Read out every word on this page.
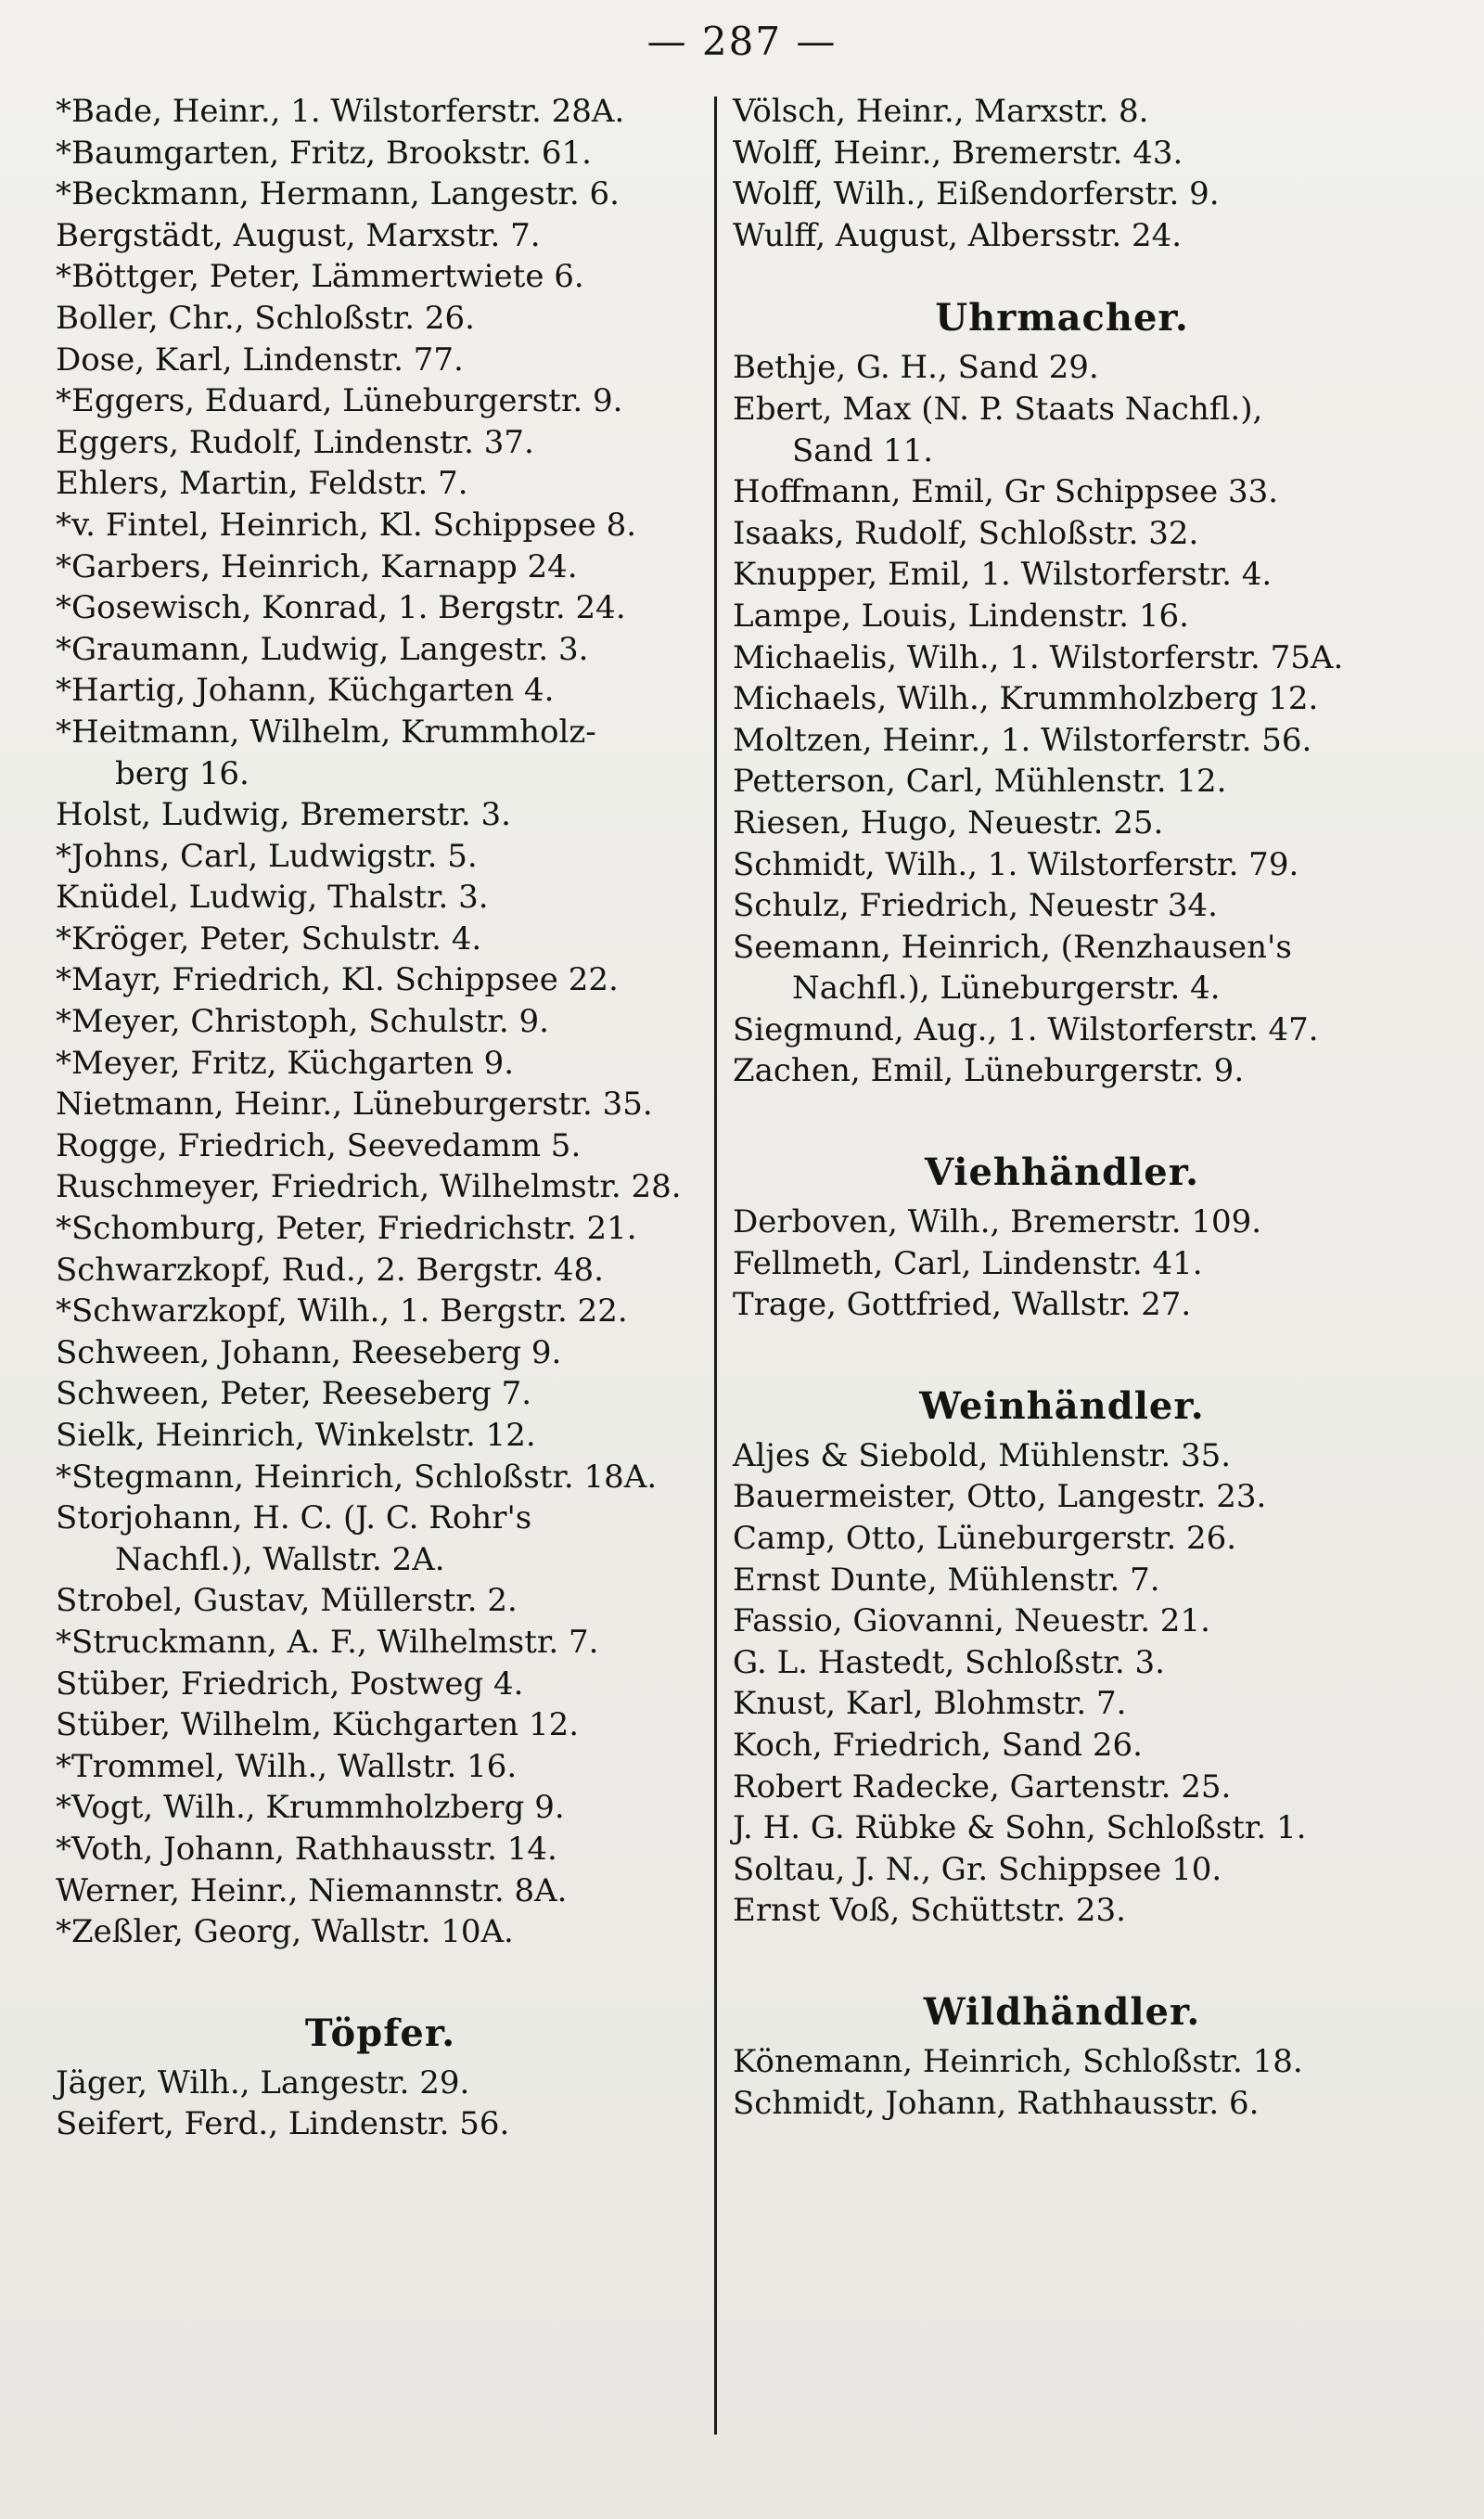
— 287 —
*Bade, Heinr., 1. Wilstorferstr. 28A.
*Baumgarten, Fritz, Brookstr. 61.
*Beckmann, Hermann, Langestr. 6.
Bergstädt, August, Marxstr. 7.
*Böttger, Peter, Lämmertwiete 6.
Boller, Chr., Schloßstr. 26.
Dose, Karl, Lindenstr. 77.
*Eggers, Eduard, Lüneburgerstr. 9.
Eggers, Rudolf, Lindenstr. 37.
Ehlers, Martin, Feldstr. 7.
*v. Fintel, Heinrich, Kl. Schippsee 8.
*Garbers, Heinrich, Karnapp 24.
*Gosewisch, Konrad, 1. Bergstr. 24.
*Graumann, Ludwig, Langestr. 3.
*Hartig, Johann, Küchgarten 4.
*Heitmann, Wilhelm, Krummholz-
berg 16.
Holst, Ludwig, Bremerstr. 3.
*Johns, Carl, Ludwigstr. 5.
Knüdel, Ludwig, Thalstr. 3.
*Kröger, Peter, Schulstr. 4.
*Mayr, Friedrich, Kl. Schippsee 22.
*Meyer, Christoph, Schulstr. 9.
*Meyer, Fritz, Küchgarten 9.
Nietmann, Heinr., Lüneburgerstr. 35.
Rogge, Friedrich, Seevedamm 5.
Ruschmeyer, Friedrich, Wilhelmstr. 28.
*Schomburg, Peter, Friedrichstr. 21.
Schwarzkopf, Rud., 2. Bergstr. 48.
*Schwarzkopf, Wilh., 1. Bergstr. 22.
Schween, Johann, Reeseberg 9.
Schween, Peter, Reeseberg 7.
Sielk, Heinrich, Winkelstr. 12.
*Stegmann, Heinrich, Schloßstr. 18A.
Storjohann, H. C. (J. C. Rohr's
Nachfl.), Wallstr. 2A.
Strobel, Gustav, Müllerstr. 2.
*Struckmann, A. F., Wilhelmstr. 7.
Stüber, Friedrich, Postweg 4.
Stüber, Wilhelm, Küchgarten 12.
*Trommel, Wilh., Wallstr. 16.
*Vogt, Wilh., Krummholzberg 9.
*Voth, Johann, Rathhausstr. 14.
Werner, Heinr., Niemannstr. 8A.
*Zeßler, Georg, Wallstr. 10A.
Töpfer.
Jäger, Wilh., Langestr. 29.
Seifert, Ferd., Lindenstr. 56.
Völsch, Heinr., Marxstr. 8.
Wolff, Heinr., Bremerstr. 43.
Wolff, Wilh., Eißendorferstr. 9.
Wulff, August, Albersstr. 24.
Uhrmacher.
Bethje, G. H., Sand 29.
Ebert, Max (N. P. Staats Nachfl.),
Sand 11.
Hoffmann, Emil, Gr Schippsee 33.
Isaaks, Rudolf, Schloßstr. 32.
Knupper, Emil, 1. Wilstorferstr. 4.
Lampe, Louis, Lindenstr. 16.
Michaelis, Wilh., 1. Wilstorferstr. 75A.
Michaels, Wilh., Krummholzberg 12.
Moltzen, Heinr., 1. Wilstorferstr. 56.
Petterson, Carl, Mühlenstr. 12.
Riesen, Hugo, Neuestr. 25.
Schmidt, Wilh., 1. Wilstorferstr. 79.
Schulz, Friedrich, Neuestr 34.
Seemann, Heinrich, (Renzhausen's
Nachfl.), Lüneburgerstr. 4.
Siegmund, Aug., 1. Wilstorferstr. 47.
Zachen, Emil, Lüneburgerstr. 9.
Viehhändler.
Derboven, Wilh., Bremerstr. 109.
Fellmeth, Carl, Lindenstr. 41.
Trage, Gottfried, Wallstr. 27.
Weinhändler.
Aljes & Siebold, Mühlenstr. 35.
Bauermeister, Otto, Langestr. 23.
Camp, Otto, Lüneburgerstr. 26.
Ernst Dunte, Mühlenstr. 7.
Fassio, Giovanni, Neuestr. 21.
G. L. Hastedt, Schloßstr. 3.
Knust, Karl, Blohmstr. 7.
Koch, Friedrich, Sand 26.
Robert Radecke, Gartenstr. 25.
J. H. G. Rübke & Sohn, Schloßstr. 1.
Soltau, J. N., Gr. Schippsee 10.
Ernst Voß, Schüttstr. 23.
Wildhändler.
Könemann, Heinrich, Schloßstr. 18.
Schmidt, Johann, Rathhausstr. 6.
